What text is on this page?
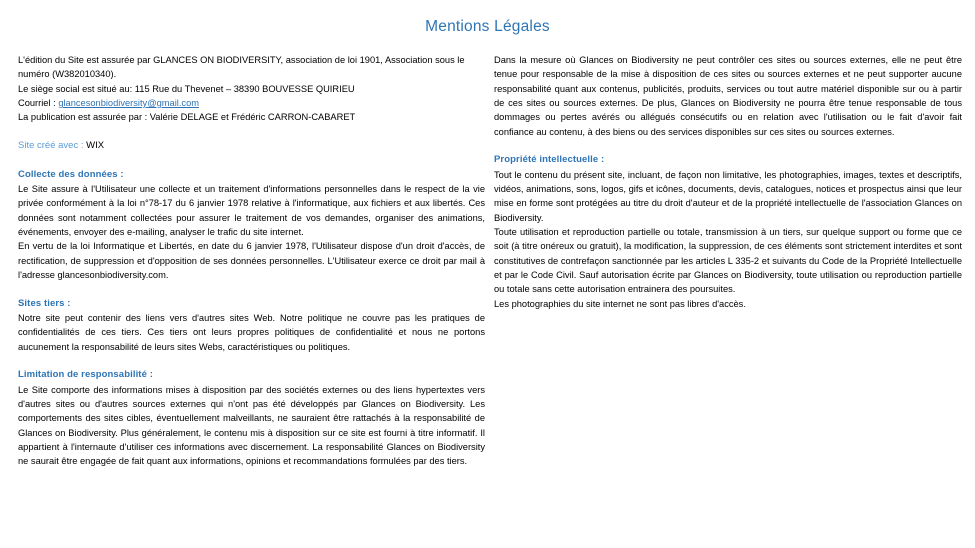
Mentions Légales

L'édition du Site est assurée par GLANCES ON BIODIVERSITY, association de loi 1901, Association sous le numéro (W382010340).

Le siège social est situé au: 115 Rue du Thevenet – 38390 BOUVESSE QUIRIEU

Courriel : glancesonbiodiversity@gmail.com

La publication est assurée par : Valérie DELAGE et Frédéric CARRON-CABARET

Site créé avec : WIX

Collecte des données :

Le Site assure à l'Utilisateur une collecte et un traitement d'informations personnelles dans le respect de la vie privée conformément à la loi n°78-17 du 6 janvier 1978 relative à l'informatique, aux fichiers et aux libertés. Ces données sont notamment collectées pour assurer le traitement de vos demandes, organiser des animations, événements, envoyer des e-mailing, analyser le trafic du site internet.

En vertu de la loi Informatique et Libertés, en date du 6 janvier 1978, l'Utilisateur dispose d'un droit d'accès, de rectification, de suppression et d'opposition de ses données personnelles. L'Utilisateur exerce ce droit par mail à l'adresse glancesonbiodiversity.com.

Sites tiers :

Notre site peut contenir des liens vers d'autres sites Web. Notre politique ne couvre pas les pratiques de confidentialités de ces tiers. Ces tiers ont leurs propres politiques de confidentialité et nous ne portons aucunement la responsabilité de leurs sites Webs, caractéristiques ou politiques.

Limitation de responsabilité :

Le Site comporte des informations mises à disposition par des sociétés externes ou des liens hypertextes vers d'autres sites ou d'autres sources externes qui n'ont pas été développés par Glances on Biodiversity. Les comportements des sites cibles, éventuellement malveillants, ne sauraient être rattachés à la responsabilité de Glances on Biodiversity. Plus généralement, le contenu mis à disposition sur ce site est fourni à titre informatif. Il appartient à l'internaute d'utiliser ces informations avec discernement. La responsabilité Glances on Biodiversity ne saurait être engagée de fait quant aux informations, opinions et recommandations formulées par des tiers.

Dans la mesure où Glances on Biodiversity ne peut contrôler ces sites ou sources externes, elle ne peut être tenue pour responsable de la mise à disposition de ces sites ou sources externes et ne peut supporter aucune responsabilité quant aux contenus, publicités, produits, services ou tout autre matériel disponible sur ou à partir de ces sites ou sources externes. De plus, Glances on Biodiversity ne pourra être tenue responsable de tous dommages ou pertes avérés ou allégués consécutifs ou en relation avec l'utilisation ou le fait d'avoir fait confiance au contenu, à des biens ou des services disponibles sur ces sites ou sources externes.

Propriété intellectuelle :

Tout le contenu du présent site, incluant, de façon non limitative, les photographies, images, textes et descriptifs, vidéos, animations, sons, logos, gifs et icônes, documents, devis, catalogues, notices et prospectus ainsi que leur mise en forme sont protégées au titre du droit d'auteur et de la propriété intellectuelle de l'association Glances on Biodiversity.

Toute utilisation et reproduction partielle ou totale, transmission à un tiers, sur quelque support ou forme que ce soit (à titre onéreux ou gratuit), la modification, la suppression, de ces éléments sont strictement interdites et sont constitutives de contrefaçon sanctionnée par les articles L 335-2 et suivants du Code de la Propriété Intellectuelle et par le Code Civil. Sauf autorisation écrite par Glances on Biodiversity, toute utilisation ou reproduction partielle ou totale sans cette autorisation entrainera des poursuites.

Les photographies du site internet ne sont pas libres d'accès.
